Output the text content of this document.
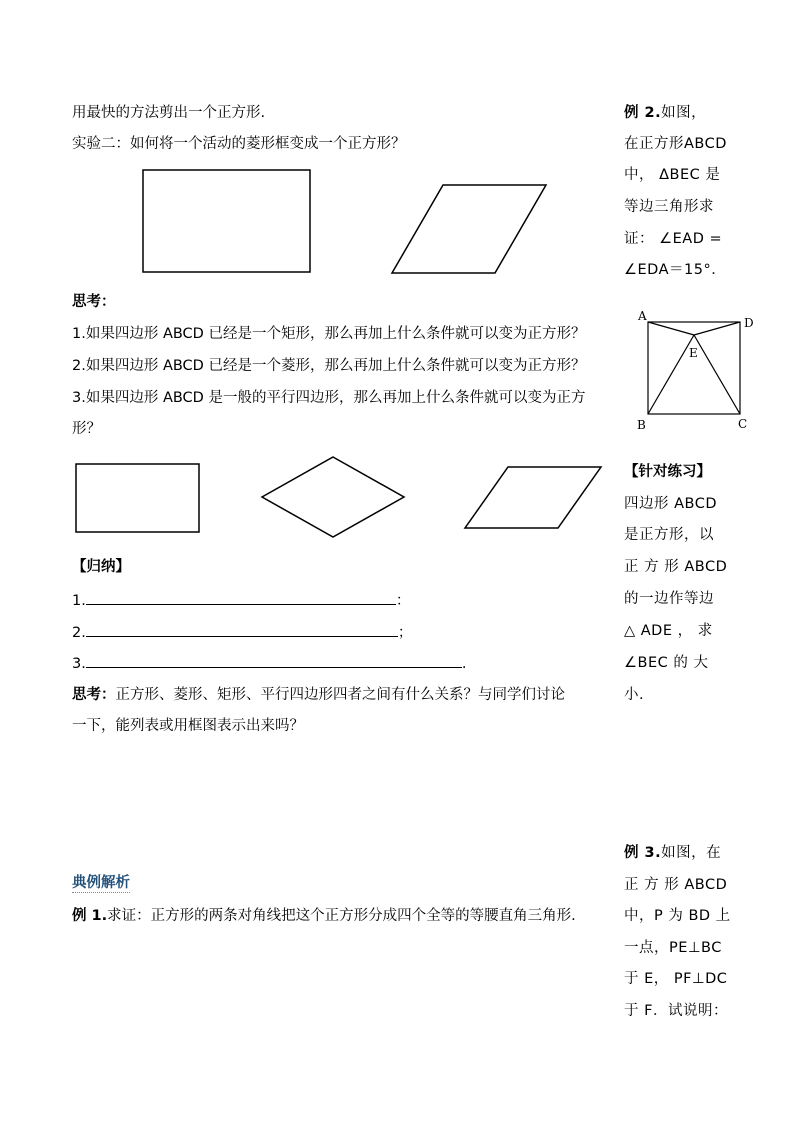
A	D
E
B	C
用最快的方法剪出一个正方形.
实验二：如何将一个活动的菱形框变成一个正方形？
思考：
1.如果四边形 ABCD 已经是一个矩形，那么再加上什么条件就可以变为正方形？
2.如果四边形 ABCD 已经是一个菱形，那么再加上什么条件就可以变为正方形？
3.如果四边形 ABCD 是一般的平行四边形，那么再加上什么条件就可以变为正方
形？
【归纳】
1.	：
2.	；
3.	.
思考：正方形、菱形、矩形、平行四边形四者之间有什么关系？与同学们讨论
一下，能列表或用框图表示出来吗？
典例解析
例 1.求证：正方形的两条对角线把这个正方形分成四个全等的等腰直角三角形.
例 2.如图，
在正方形ABCD
中， ΔBEC 是
等边三角形求
证： ∠EAD =
∠EDA＝15°．
【针对练习】
四边形 ABCD
是正方形，以
正 方 形 ABCD
的一边作等边
△ ADE ， 求
∠BEC 的 大
小.
例 3.如图，在
正 方 形 ABCD
中，P 为 BD 上
一点，PE⊥BC
于 E， PF⊥DC
于 F．试说明：
